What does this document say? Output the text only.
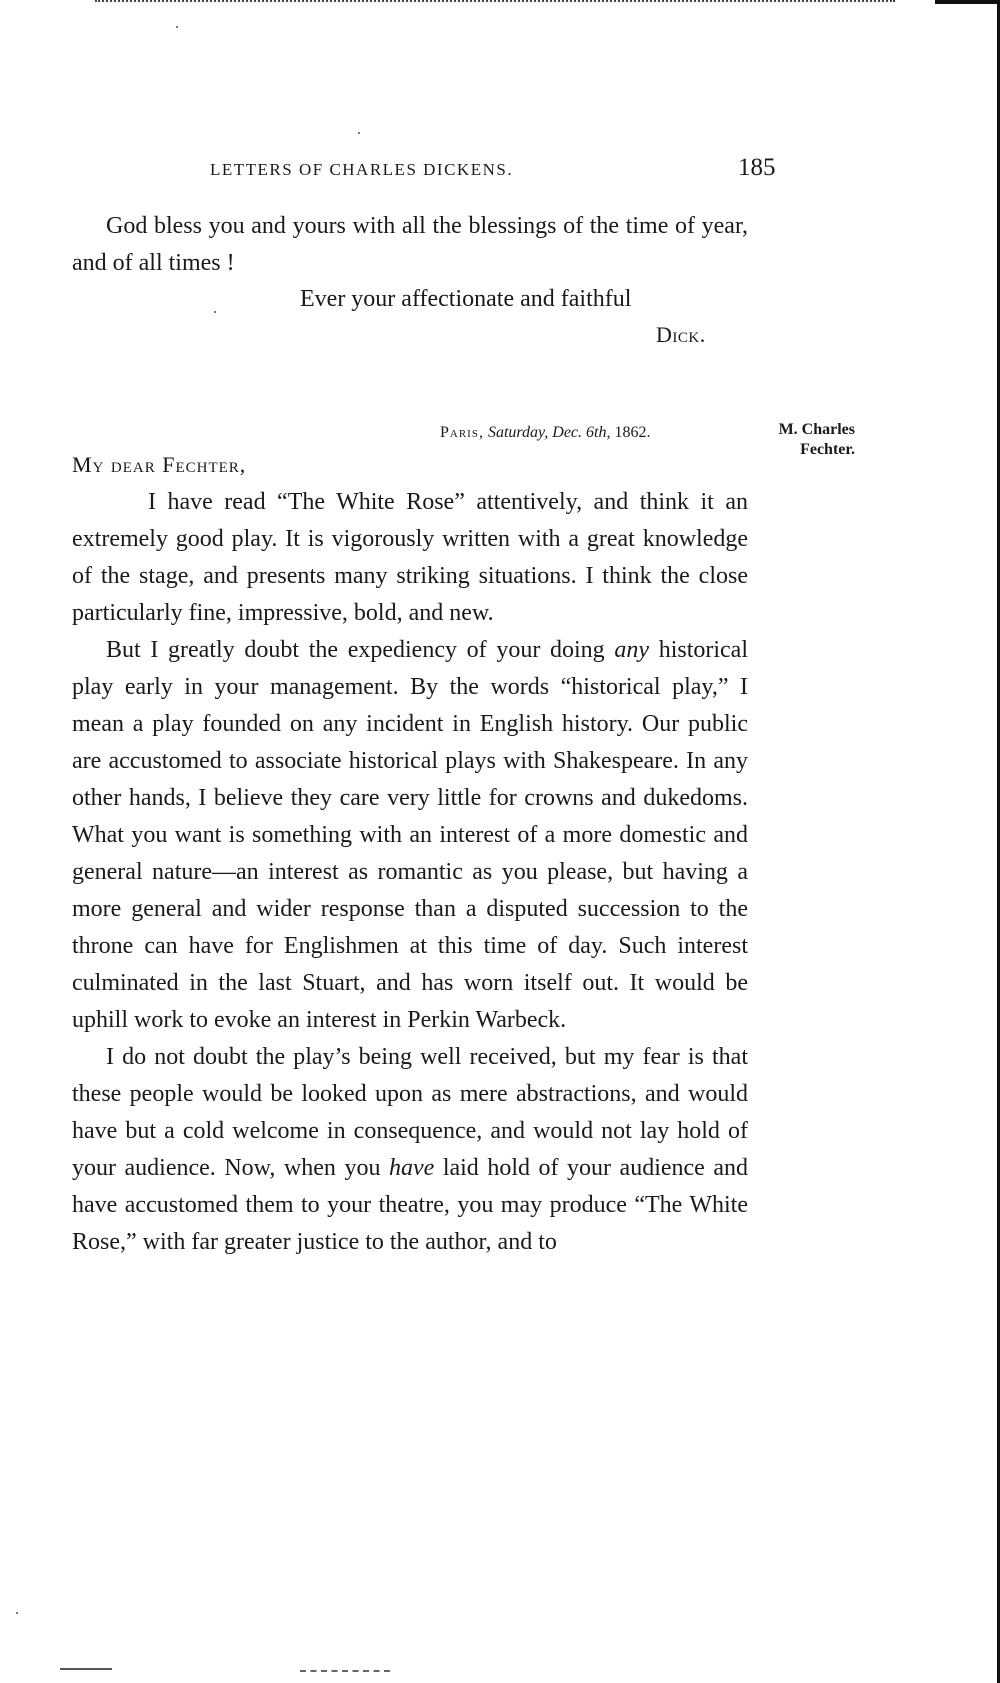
LETTERS OF CHARLES DICKENS.	185

God bless you and yours with all the blessings of the time of year, and of all times !

Ever your affectionate and faithful
Dick.
Paris, Saturday, Dec. 6th, 1862.	M. Charles
Fechter.
My dear Fechter,

I have read “The White Rose” attentively, and think it an extremely good play. It is vigorously written with a great knowledge of the stage, and presents many striking situations. I think the close particularly fine, impressive, bold, and new.

But I greatly doubt the expediency of your doing any historical play early in your management. By the words “historical play,” I mean a play founded on any incident in English history. Our public are accustomed to associate historical plays with Shakespeare. In any other hands, I believe they care very little for crowns and dukedoms. What you want is something with an interest of a more domestic and general nature—an interest as romantic as you please, but having a more general and wider response than a disputed succession to the throne can have for Englishmen at this time of day. Such interest culminated in the last Stuart, and has worn itself out. It would be uphill work to evoke an interest in Perkin Warbeck.

I do not doubt the play’s being well received, but my fear is that these people would be looked upon as mere abstractions, and would have but a cold welcome in consequence, and would not lay hold of your audience. Now, when you have laid hold of your audience and have accustomed them to your theatre, you may produce “The White Rose,” with far greater justice to the author, and to
